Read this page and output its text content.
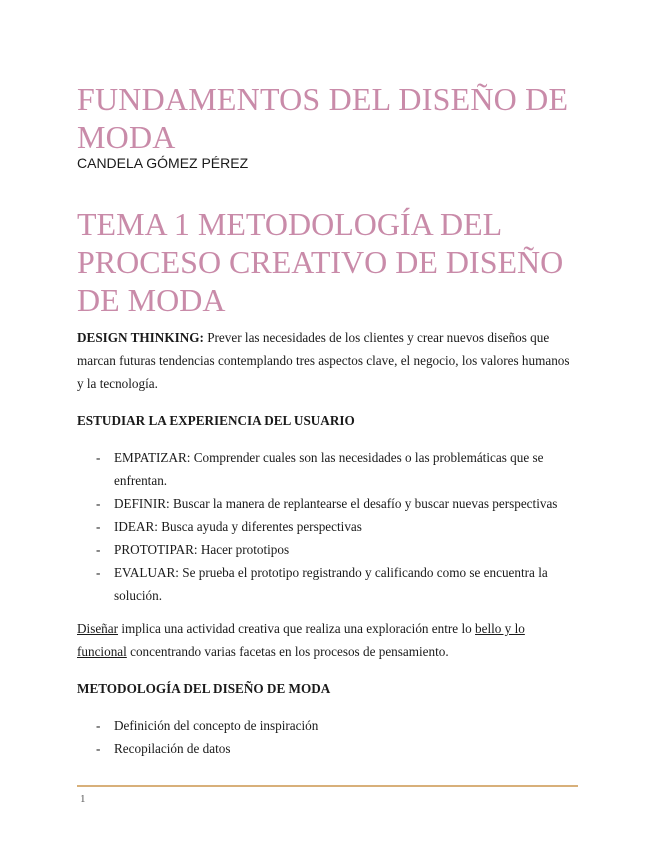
FUNDAMENTOS DEL DISEÑO DE MODA
CANDELA GÓMEZ PÉREZ
TEMA 1 METODOLOGÍA DEL PROCESO CREATIVO DE DISEÑO DE MODA

DESIGN THINKING: Prever las necesidades de los clientes y crear nuevos diseños que marcan futuras tendencias contemplando tres aspectos clave, el negocio, los valores humanos y la tecnología.

ESTUDIAR LA EXPERIENCIA DEL USUARIO

- EMPATIZAR: Comprender cuales son las necesidades o las problemáticas que se enfrentan.
- DEFINIR: Buscar la manera de replantearse el desafío y buscar nuevas perspectivas
- IDEAR: Busca ayuda y diferentes perspectivas
- PROTOTIPAR: Hacer prototipos
- EVALUAR: Se prueba el prototipo registrando y calificando como se encuentra la solución.

Diseñar implica una actividad creativa que realiza una exploración entre lo bello y lo funcional concentrando varias facetas en los procesos de pensamiento.

METODOLOGÍA DEL DISEÑO DE MODA

- Definición del concepto de inspiración
- Recopilación de datos
1
